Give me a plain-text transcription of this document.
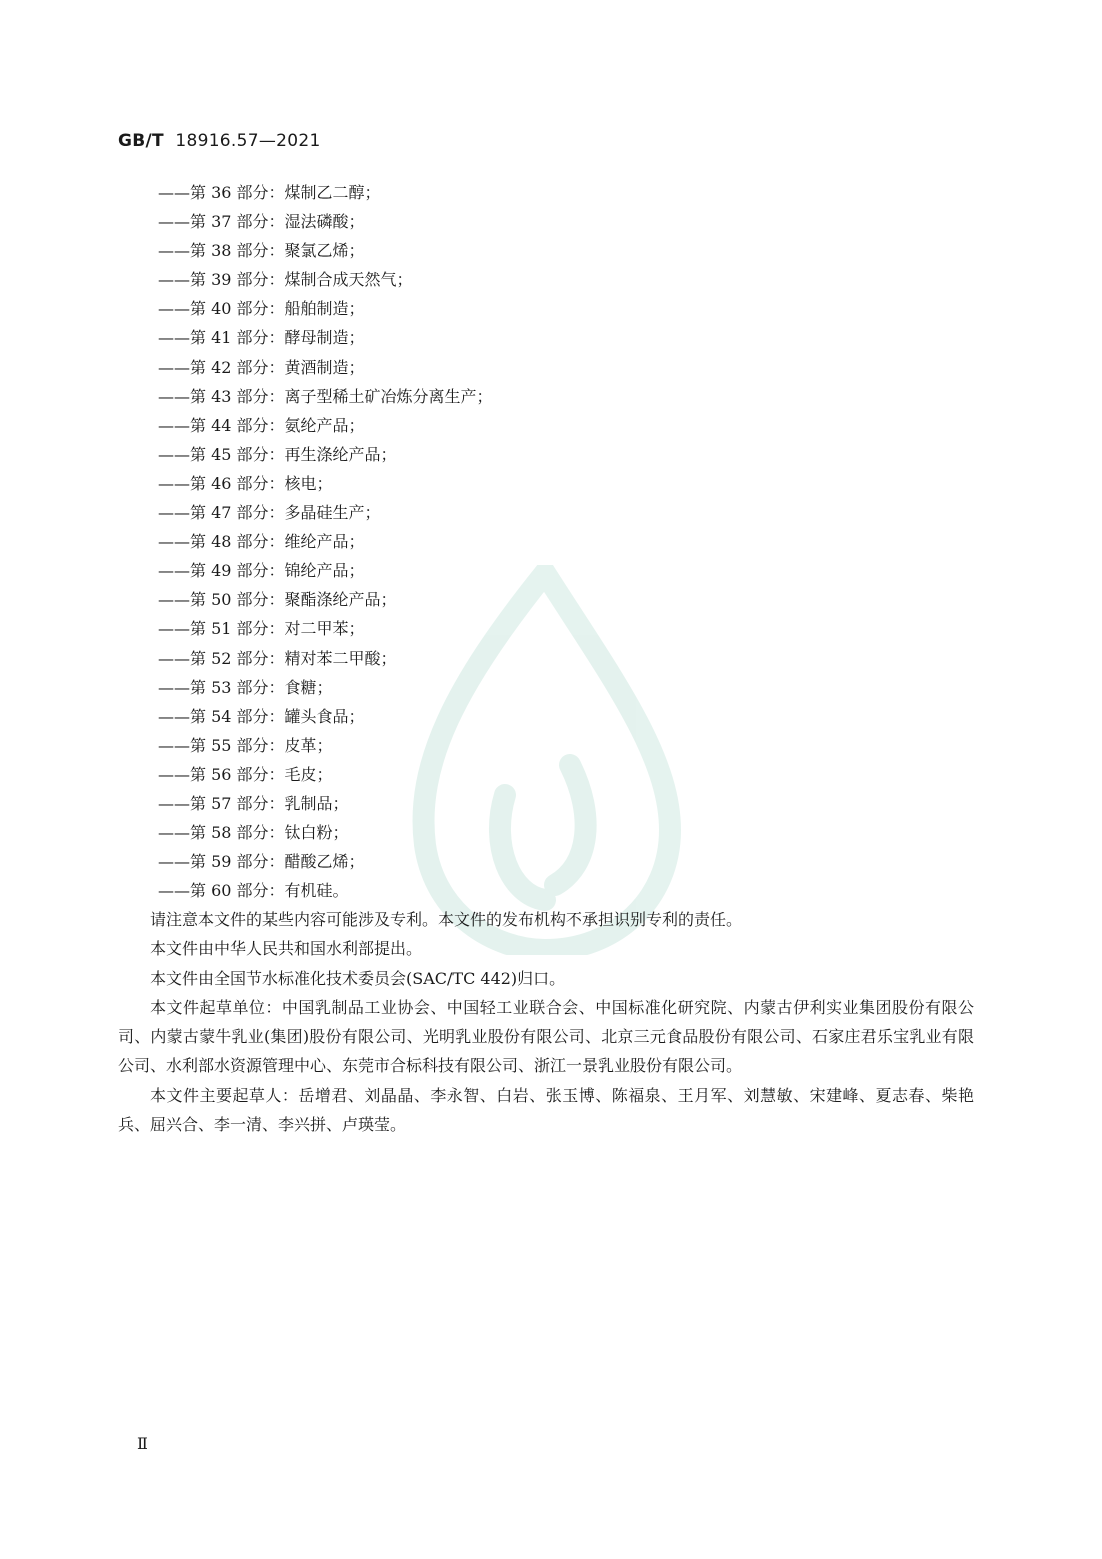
GB/T 18916.57—2021
——第 36 部分：煤制乙二醇；
——第 37 部分：湿法磷酸；
——第 38 部分：聚氯乙烯；
——第 39 部分：煤制合成天然气；
——第 40 部分：船舶制造；
——第 41 部分：酵母制造；
——第 42 部分：黄酒制造；
——第 43 部分：离子型稀土矿冶炼分离生产；
——第 44 部分：氨纶产品；
——第 45 部分：再生涤纶产品；
——第 46 部分：核电；
——第 47 部分：多晶硅生产；
——第 48 部分：维纶产品；
——第 49 部分：锦纶产品；
——第 50 部分：聚酯涤纶产品；
——第 51 部分：对二甲苯；
——第 52 部分：精对苯二甲酸；
——第 53 部分：食糖；
——第 54 部分：罐头食品；
——第 55 部分：皮革；
——第 56 部分：毛皮；
——第 57 部分：乳制品；
——第 58 部分：钛白粉；
——第 59 部分：醋酸乙烯；
——第 60 部分：有机硅。

请注意本文件的某些内容可能涉及专利。本文件的发布机构不承担识别专利的责任。

本文件由中华人民共和国水利部提出。

本文件由全国节水标准化技术委员会(SAC/TC 442)归口。

本文件起草单位：中国乳制品工业协会、中国轻工业联合会、中国标准化研究院、内蒙古伊利实业集团股份有限公司、内蒙古蒙牛乳业(集团)股份有限公司、光明乳业股份有限公司、北京三元食品股份有限公司、石家庄君乐宝乳业有限公司、水利部水资源管理中心、东莞市合标科技有限公司、浙江一景乳业股份有限公司。

本文件主要起草人：岳增君、刘晶晶、李永智、白岩、张玉博、陈福泉、王月军、刘慧敏、宋建峰、夏志春、柴艳兵、屈兴合、李一清、李兴拼、卢瑛莹。

Ⅱ
